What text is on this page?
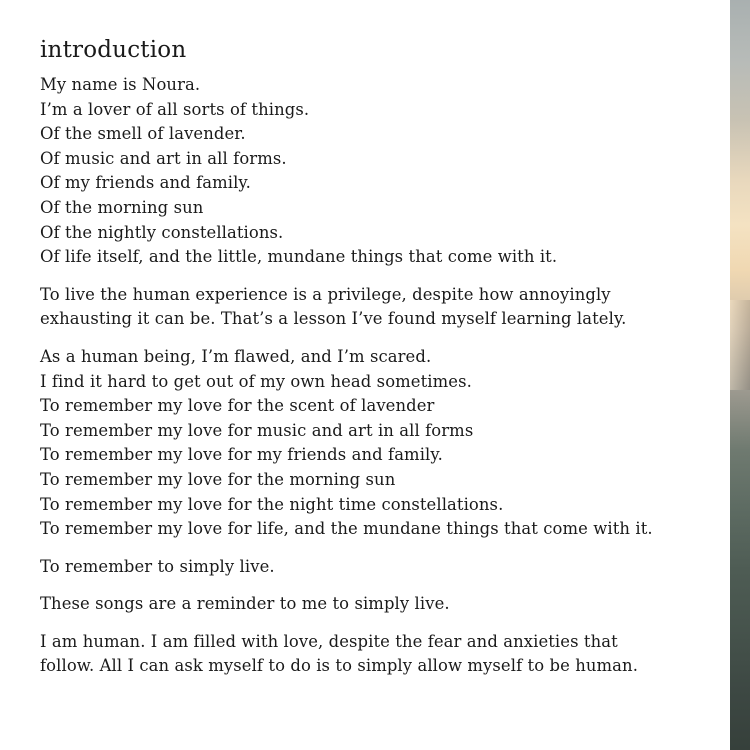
introduction
My name is Noura.
I’m a lover of all sorts of things.
Of the smell of lavender.
Of music and art in all forms.
Of my friends and family.
Of the morning sun
Of the nightly constellations.
Of life itself, and the little, mundane things that come with it.
To live the human experience is a privilege, despite how annoyingly
exhausting it can be. That’s a lesson I’ve found myself learning lately.
As a human being, I’m flawed, and I’m scared.
I find it hard to get out of my own head sometimes.
To remember my love for the scent of lavender
To remember my love for music and art in all forms
To remember my love for my friends and family.
To remember my love for the morning sun
To remember my love for the night time constellations.
To remember my love for life, and the mundane things that come with it.
To remember to simply live.
These songs are a reminder to me to simply live.
I am human. I am filled with love, despite the fear and anxieties that
follow. All I can ask myself to do is to simply allow myself to be human.
